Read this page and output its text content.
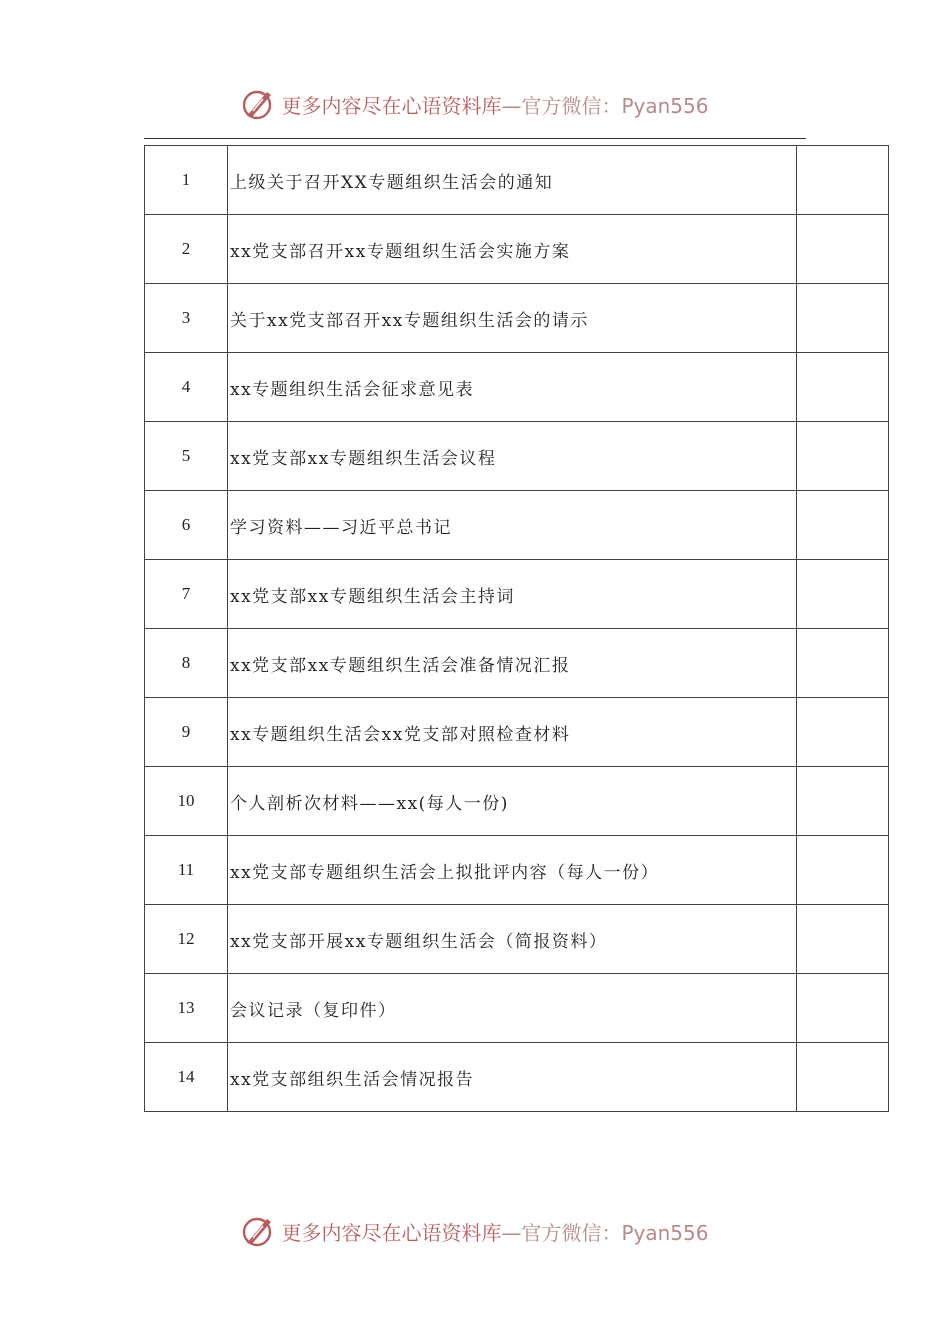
更多内容尽在心语资料库—官方微信：Pyan556
1	上级关于召开XX专题组织生活会的通知	
2	xx党支部召开xx专题组织生活会实施方案	
3	关于xx党支部召开xx专题组织生活会的请示	
4	xx专题组织生活会征求意见表	
5	xx党支部xx专题组织生活会议程	
6	学习资料——习近平总书记	
7	xx党支部xx专题组织生活会主持词	
8	xx党支部xx专题组织生活会准备情况汇报	
9	xx专题组织生活会xx党支部对照检查材料	
10	个人剖析次材料——xx(每人一份)	
11	xx党支部专题组织生活会上拟批评内容（每人一份）	
12	xx党支部开展xx专题组织生活会（简报资料）	
13	会议记录（复印件）	
14	xx党支部组织生活会情况报告	
更多内容尽在心语资料库—官方微信：Pyan556
